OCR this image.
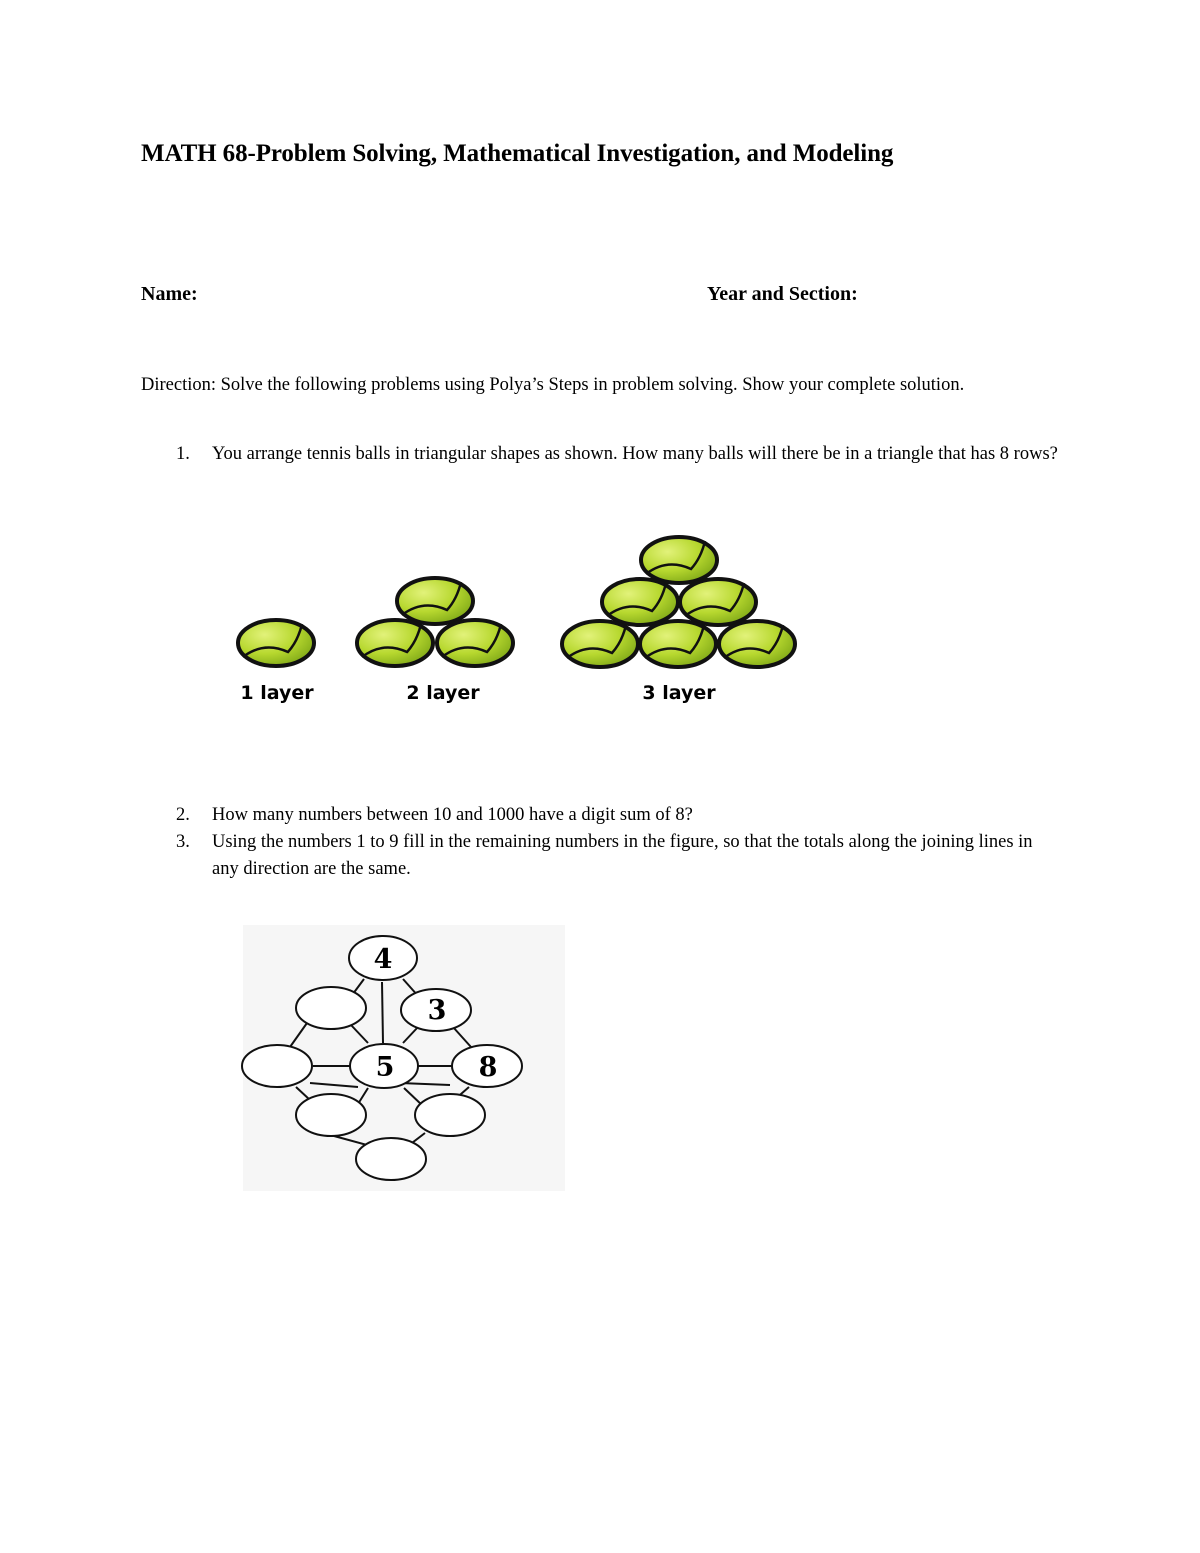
MATH 68-Problem Solving, Mathematical Investigation, and Modeling

Name:	Year and Section:

Direction: Solve the following problems using Polya’s Steps in problem solving. Show your complete solution.

1. You arrange tennis balls in triangular shapes as shown. How many balls will there be in a triangle that has 8 rows?

1 layer	2 layer	3 layer
2. How many numbers between 10 and 1000 have a digit sum of 8?

3. Using the numbers 1 to 9 fill in the remaining numbers in the figure, so that the totals along the joining lines in any direction are the same.

4
3
5	8
